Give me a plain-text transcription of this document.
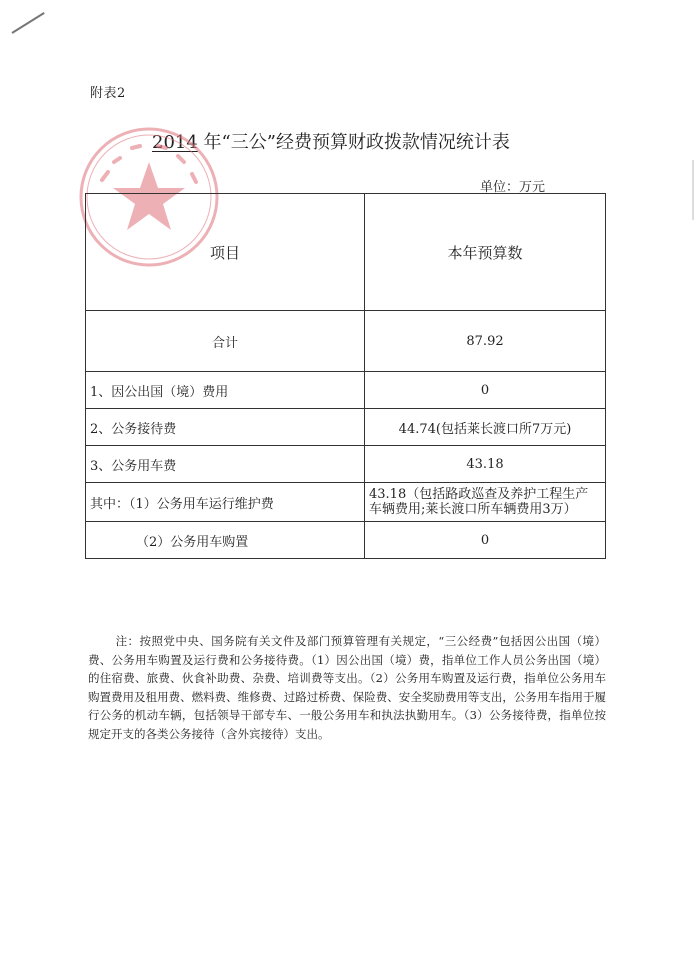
附表2
2014 年“三公”经费预算财政拨款情况统计表
单位：万元
项目	本年预算数
合计	87.92
1、因公出国（境）费用	0
2、公务接待费	44.74(包括莱长渡口所7万元)
3、公务用车费	43.18
其中：（1）公务用车运行维护费	43.18（包括路政巡查及养护工程生产车辆费用;莱长渡口所车辆费用3万）
（2）公务用车购置	0
注：按照党中央、国务院有关文件及部门预算管理有关规定，“三公经费”包括因公出国（境）费、公务用车购置及运行费和公务接待费。（1）因公出国（境）费，指单位工作人员公务出国（境）的住宿费、旅费、伙食补助费、杂费、培训费等支出。（2）公务用车购置及运行费，指单位公务用车购置费用及租用费、燃料费、维修费、过路过桥费、保险费、安全奖励费用等支出，公务用车指用于履行公务的机动车辆，包括领导干部专车、一般公务用车和执法执勤用车。（3）公务接待费，指单位按规定开支的各类公务接待（含外宾接待）支出。
